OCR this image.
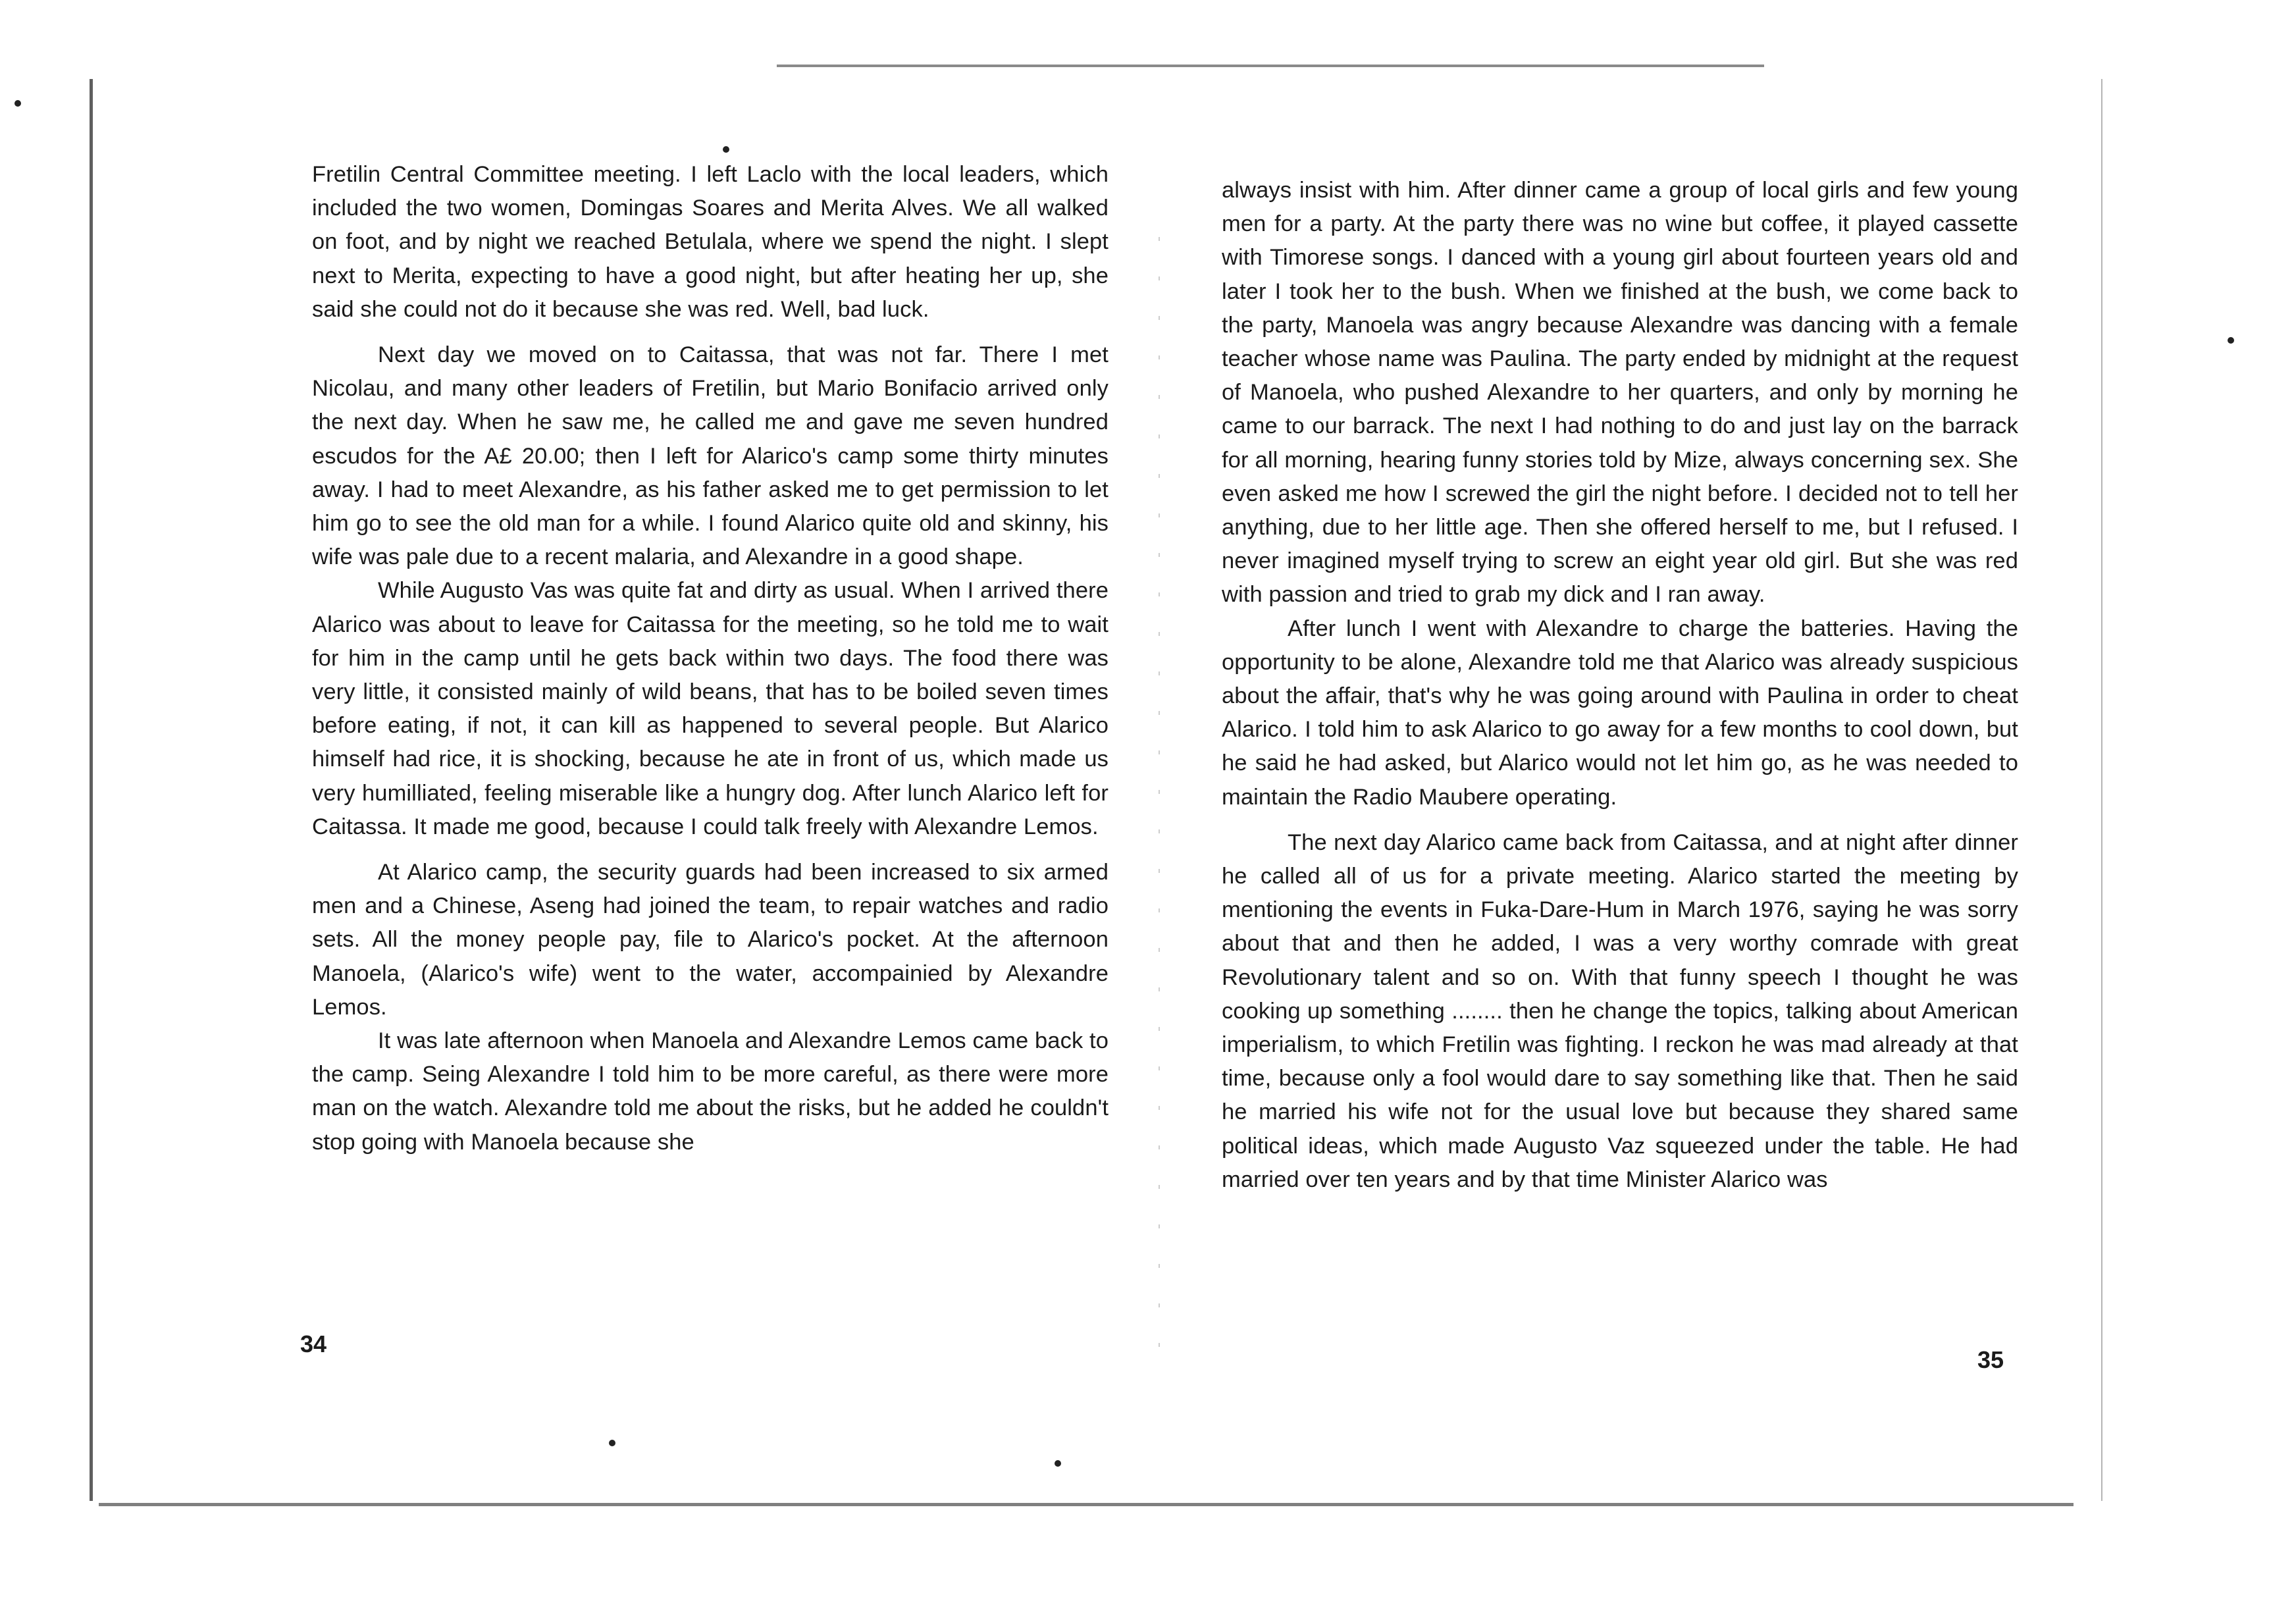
Fretilin Central Committee meeting. I left Laclo with the local leaders, which included the two women, Domingas Soares and Merita Alves. We all walked on foot, and by night we reached Betulala, where we spend the night. I slept next to Merita, expecting to have a good night, but after heating her up, she said she could not do it because she was red. Well, bad luck.

Next day we moved on to Caitassa, that was not far. There I met Nicolau, and many other leaders of Fretilin, but Mario Bonifacio arrived only the next day. When he saw me, he called me and gave me seven hundred escudos for the A£ 20.00; then I left for Alarico's camp some thirty minutes away. I had to meet Alexandre, as his father asked me to get permission to let him go to see the old man for a while. I found Alarico quite old and skinny, his wife was pale due to a recent malaria, and Alexandre in a good shape.

While Augusto Vas was quite fat and dirty as usual. When I arrived there Alarico was about to leave for Caitassa for the meeting, so he told me to wait for him in the camp until he gets back within two days. The food there was very little, it consisted mainly of wild beans, that has to be boiled seven times before eating, if not, it can kill as happened to several people. But Alarico himself had rice, it is shocking, because he ate in front of us, which made us very humilliated, feeling miserable like a hungry dog. After lunch Alarico left for Caitassa. It made me good, because I could talk freely with Alexandre Lemos.

At Alarico camp, the security guards had been increased to six armed men and a Chinese, Aseng had joined the team, to repair watches and radio sets. All the money people pay, file to Alarico's pocket. At the afternoon Manoela, (Alarico's wife) went to the water, accompainied by Alexandre Lemos.

It was late afternoon when Manoela and Alexandre Lemos came back to the camp. Seing Alexandre I told him to be more careful, as there were more man on the watch. Alexandre told me about the risks, but he added he couldn't stop going with Manoela because she

34

always insist with him. After dinner came a group of local girls and few young men for a party. At the party there was no wine but coffee, it played cassette with Timorese songs. I danced with a young girl about fourteen years old and later I took her to the bush. When we finished at the bush, we come back to the party, Manoela was angry because Alexandre was dancing with a female teacher whose name was Paulina. The party ended by midnight at the request of Manoela, who pushed Alexandre to her quarters, and only by morning he came to our barrack. The next I had nothing to do and just lay on the barrack for all morning, hearing funny stories told by Mize, always concerning sex. She even asked me how I screwed the girl the night before. I decided not to tell her anything, due to her little age. Then she offered herself to me, but I refused. I never imagined myself trying to screw an eight year old girl. But she was red with passion and tried to grab my dick and I ran away.

After lunch I went with Alexandre to charge the batteries. Having the opportunity to be alone, Alexandre told me that Alarico was already suspicious about the affair, that's why he was going around with Paulina in order to cheat Alarico. I told him to ask Alarico to go away for a few months to cool down, but he said he had asked, but Alarico would not let him go, as he was needed to maintain the Radio Maubere operating.

The next day Alarico came back from Caitassa, and at night after dinner he called all of us for a private meeting. Alarico started the meeting by mentioning the events in Fuka-Dare-Hum in March 1976, saying he was sorry about that and then he added, I was a very worthy comrade with great Revolutionary talent and so on. With that funny speech I thought he was cooking up something ........ then he change the topics, talking about American imperialism, to which Fretilin was fighting. I reckon he was mad already at that time, because only a fool would dare to say something like that. Then he said he married his wife not for the usual love but because they shared same political ideas, which made Augusto Vaz squeezed under the table. He had married over ten years and by that time Minister Alarico was

35
